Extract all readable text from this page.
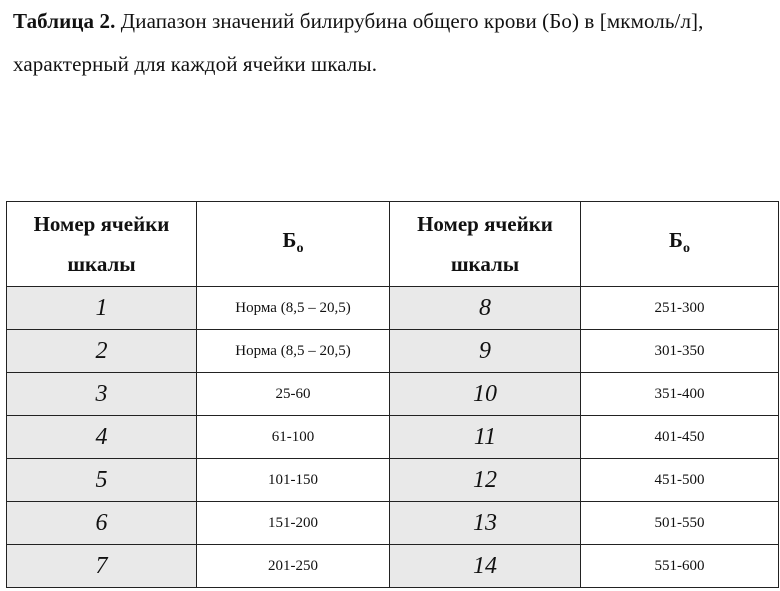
Таблица 2. Диапазон значений билирубина общего крови (Бо) в [мкмоль/л], характерный для каждой ячейки шкалы.
Номер ячейки шкалы	$Б_о$	Номер ячейки шкалы	$Б_о$
1	Норма (8,5 – 20,5)	8	251-300
2	Норма (8,5 – 20,5)	9	301-350
3	25-60	10	351-400
4	61-100	11	401-450
5	101-150	12	451-500
6	151-200	13	501-550
7	201-250	14	551-600
